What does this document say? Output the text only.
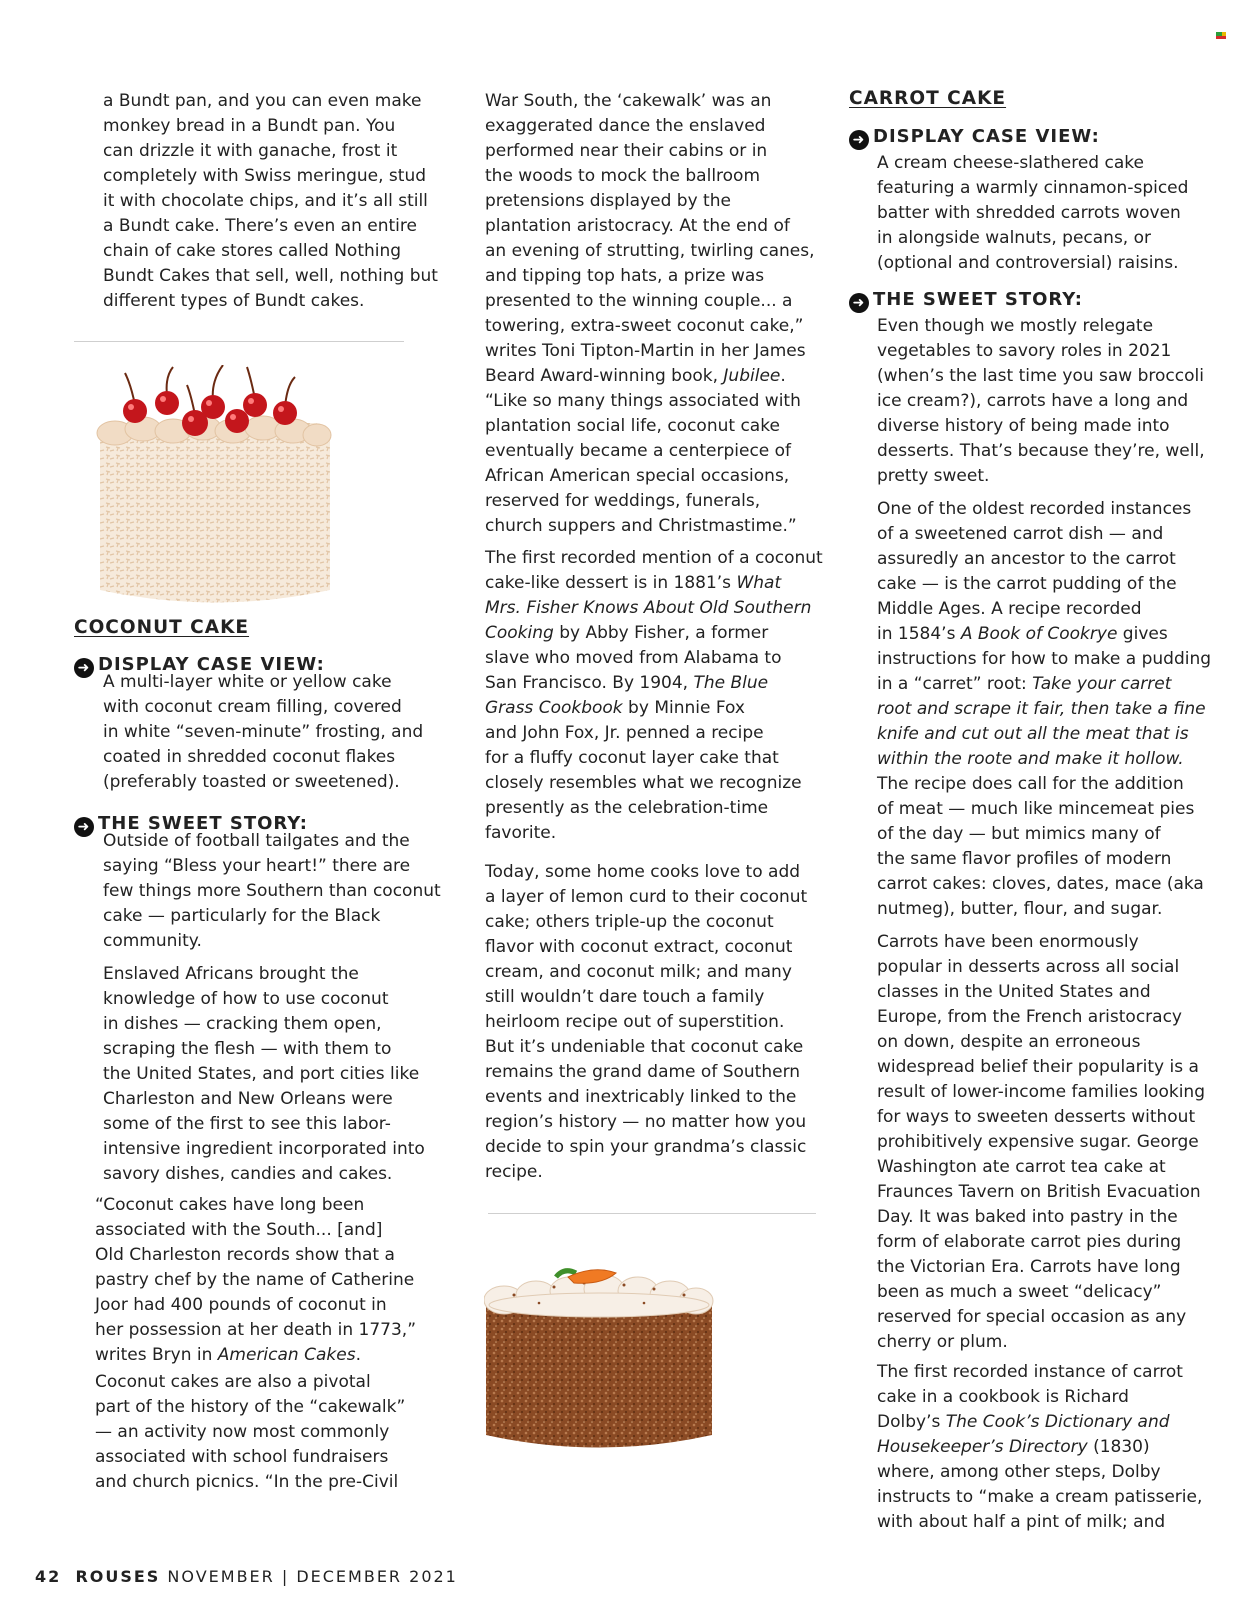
a Bundt pan, and you can even make
monkey bread in a Bundt pan. You
can drizzle it with ganache, frost it
completely with Swiss meringue, stud
it with chocolate chips, and it’s all still
a Bundt cake. There’s even an entire
chain of cake stores called Nothing
Bundt Cakes that sell, well, nothing but
different types of Bundt cakes.
COCONUT CAKE
➜ DISPLAY CASE VIEW:
A multi-layer white or yellow cake
with coconut cream filling, covered
in white “seven-minute” frosting, and
coated in shredded coconut flakes
(preferably toasted or sweetened).
➜ THE SWEET STORY:
Outside of football tailgates and the
saying “Bless your heart!” there are
few things more Southern than coconut
cake — particularly for the Black
community.
Enslaved Africans brought the
knowledge of how to use coconut
in dishes — cracking them open,
scraping the flesh — with them to
the United States, and port cities like
Charleston and New Orleans were
some of the first to see this labor-
intensive ingredient incorporated into
savory dishes, candies and cakes.
“Coconut cakes have long been
associated with the South... [and]
Old Charleston records show that a
pastry chef by the name of Catherine
Joor had 400 pounds of coconut in
her possession at her death in 1773,”
writes Bryn in American Cakes.
Coconut cakes are also a pivotal
part of the history of the “cakewalk”
— an activity now most commonly
associated with school fundraisers
and church picnics. “In the pre-Civil
War South, the ‘cakewalk’ was an
exaggerated dance the enslaved
performed near their cabins or in
the woods to mock the ballroom
pretensions displayed by the
plantation aristocracy. At the end of
an evening of strutting, twirling canes,
and tipping top hats, a prize was
presented to the winning couple... a
towering, extra-sweet coconut cake,”
writes Toni Tipton-Martin in her James
Beard Award-winning book, Jubilee.
“Like so many things associated with
plantation social life, coconut cake
eventually became a centerpiece of
African American special occasions,
reserved for weddings, funerals,
church suppers and Christmastime.”
The first recorded mention of a coconut
cake-like dessert is in 1881’s What
Mrs. Fisher Knows About Old Southern
Cooking by Abby Fisher, a former
slave who moved from Alabama to
San Francisco. By 1904, The Blue
Grass Cookbook by Minnie Fox
and John Fox, Jr. penned a recipe
for a fluffy coconut layer cake that
closely resembles what we recognize
presently as the celebration-time
favorite.
Today, some home cooks love to add
a layer of lemon curd to their coconut
cake; others triple-up the coconut
flavor with coconut extract, coconut
cream, and coconut milk; and many
still wouldn’t dare touch a family
heirloom recipe out of superstition.
But it’s undeniable that coconut cake
remains the grand dame of Southern
events and inextricably linked to the
region’s history — no matter how you
decide to spin your grandma’s classic
recipe.
CARROT CAKE
➜ DISPLAY CASE VIEW:
A cream cheese-slathered cake
featuring a warmly cinnamon-spiced
batter with shredded carrots woven
in alongside walnuts, pecans, or
(optional and controversial) raisins.
➜ THE SWEET STORY:
Even though we mostly relegate
vegetables to savory roles in 2021
(when’s the last time you saw broccoli
ice cream?), carrots have a long and
diverse history of being made into
desserts. That’s because they’re, well,
pretty sweet.
One of the oldest recorded instances
of a sweetened carrot dish — and
assuredly an ancestor to the carrot
cake — is the carrot pudding of the
Middle Ages. A recipe recorded
in 1584’s A Book of Cookrye gives
instructions for how to make a pudding
in a “carret” root: Take your carret
root and scrape it fair, then take a fine
knife and cut out all the meat that is
within the roote and make it hollow.
The recipe does call for the addition
of meat — much like mincemeat pies
of the day — but mimics many of
the same flavor profiles of modern
carrot cakes: cloves, dates, mace (aka
nutmeg), butter, flour, and sugar.
Carrots have been enormously
popular in desserts across all social
classes in the United States and
Europe, from the French aristocracy
on down, despite an erroneous
widespread belief their popularity is a
result of lower-income families looking
for ways to sweeten desserts without
prohibitively expensive sugar. George
Washington ate carrot tea cake at
Fraunces Tavern on British Evacuation
Day. It was baked into pastry in the
form of elaborate carrot pies during
the Victorian Era. Carrots have long
been as much a sweet “delicacy”
reserved for special occasion as any
cherry or plum.
The first recorded instance of carrot
cake in a cookbook is Richard
Dolby’s The Cook’s Dictionary and
Housekeeper’s Directory (1830)
where, among other steps, Dolby
instructs to “make a cream patisserie,
with about half a pint of milk; and
42 ROUSES NOVEMBER | DECEMBER 2021
